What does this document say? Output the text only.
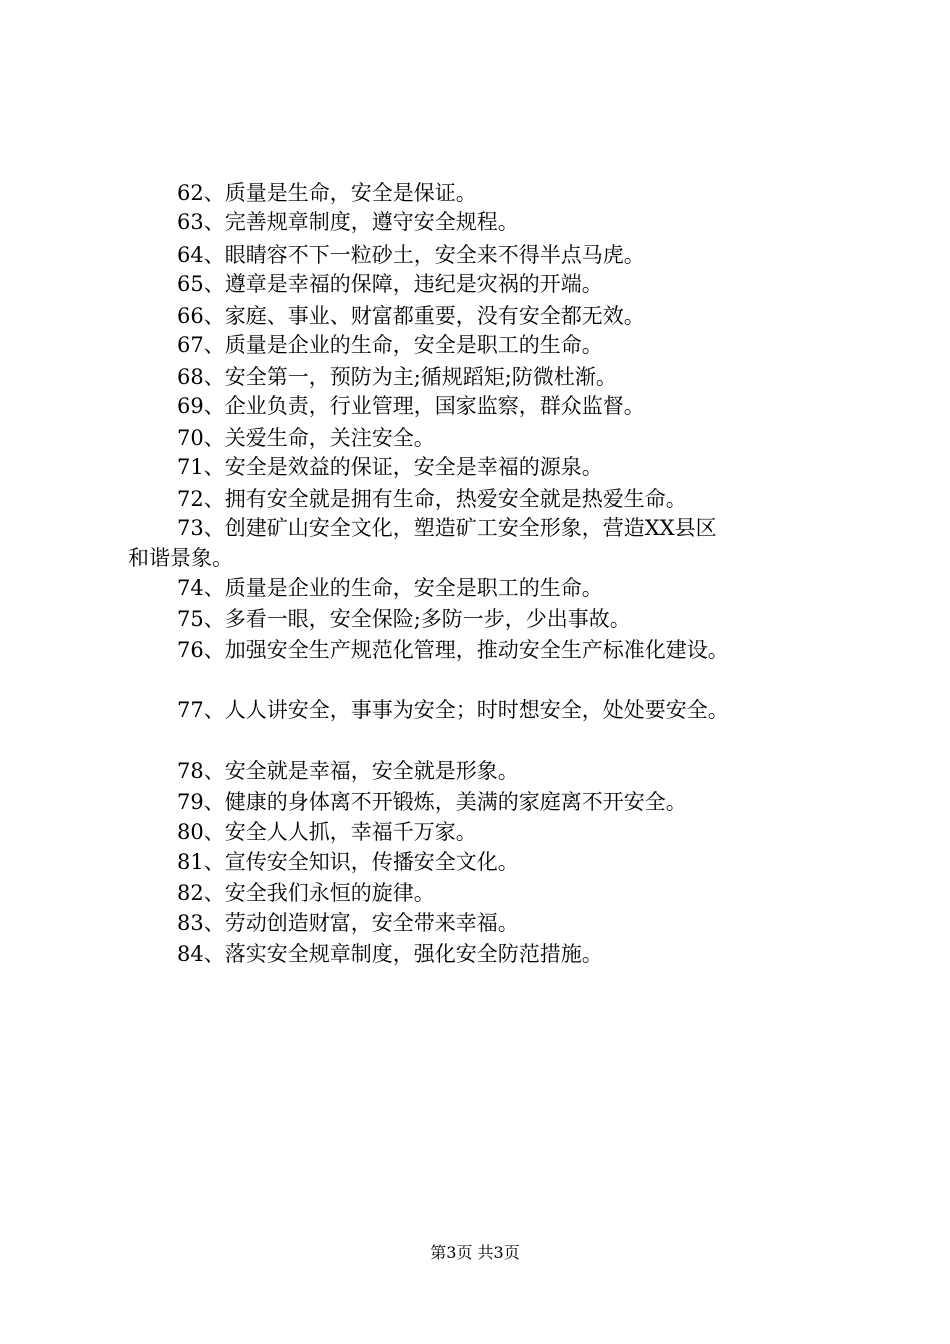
62、质量是生命，安全是保证。
63、完善规章制度，遵守安全规程。
64、眼睛容不下一粒砂土，安全来不得半点马虎。
65、遵章是幸福的保障，违纪是灾祸的开端。
66、家庭、事业、财富都重要，没有安全都无效。
67、质量是企业的生命，安全是职工的生命。
68、安全第一，预防为主;循规蹈矩;防微杜渐。
69、企业负责，行业管理，国家监察，群众监督。
70、关爱生命，关注安全。
71、安全是效益的保证，安全是幸福的源泉。
72、拥有安全就是拥有生命，热爱安全就是热爱生命。
73、创建矿山安全文化，塑造矿工安全形象，营造XX县区
和谐景象。
74、质量是企业的生命，安全是职工的生命。
75、多看一眼，安全保险;多防一步，少出事故。
76、加强安全生产规范化管理，推动安全生产标准化建设。
77、人人讲安全，事事为安全；时时想安全，处处要安全。
78、安全就是幸福，安全就是形象。
79、健康的身体离不开锻炼，美满的家庭离不开安全。
80、安全人人抓，幸福千万家。
81、宣传安全知识，传播安全文化。
82、安全我们永恒的旋律。
83、劳动创造财富，安全带来幸福。
84、落实安全规章制度，强化安全防范措施。
第3页 共3页
